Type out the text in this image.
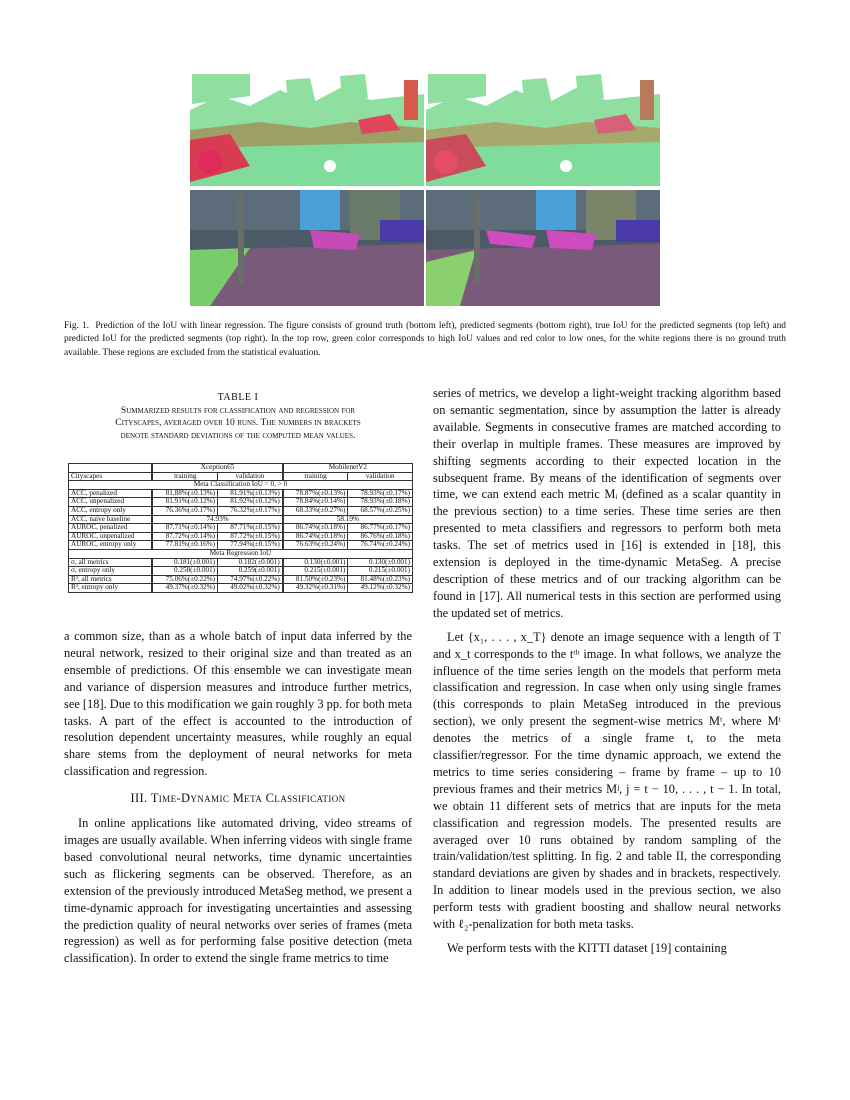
Fig. 1. Prediction of the IoU with linear regression. The figure consists of ground truth (bottom left), predicted segments (bottom right), true IoU for the predicted segments (top left) and predicted IoU for the predicted segments (top right). In the top row, green color corresponds to high IoU values and red color to low ones, for the white regions there is no ground truth available. These regions are excluded from the statistical evaluation.
TABLE I
Summarized results for classification and regression for
Cityscapes, averaged over 10 runs. The numbers in brackets
denote standard deviations of the computed mean values.
	Xception65		MobilenetV2	
Cityscapes	training	validation	training	validation
Meta Classification IoU = 0, > 0				
ACC, penalized	81.88%(±0.13%)	81.91%(±0.13%)	78.87%(±0.13%)	78.93%(±0.17%)
ACC, unpenalized	81.91%(±0.12%)	81.92%(±0.12%)	78.84%(±0.14%)	78.93%(±0.18%)
ACC, entropy only	76.36%(±0.17%)	76.32%(±0.17%)	68.33%(±0.27%)	68.57%(±0.25%)
ACC, naive baseline	74.93%		58.19%	
AUROC, penalized	87.71%(±0.14%)	87.71%(±0.15%)	86.74%(±0.18%)	86.77%(±0.17%)
AUROC, unpenalized	87.72%(±0.14%)	87.72%(±0.15%)	86.74%(±0.18%)	86.76%(±0.18%)
AUROC, entropy only	77.81%(±0.16%)	77.94%(±0.15%)	76.63%(±0.24%)	76.74%(±0.24%)
Meta Regression IoU				
σ, all metrics	0.181(±0.001)	0.182(±0.001)	0.130(±0.001)	0.130(±0.001)
σ, entropy only	0.258(±0.001)	0.259(±0.001)	0.215(±0.001)	0.215(±0.001)
R², all metrics	75.06%(±0.22%)	74.97%(±0.22%)	81.50%(±0.23%)	81.48%(±0.23%)
R², entropy only	49.37%(±0.32%)	49.02%(±0.32%)	49.32%(±0.31%)	49.12%(±0.32%)

a common size, than as a whole batch of input data inferred by the neural network, resized to their original size and than treated as an ensemble of predictions. Of this ensemble we can investigate mean and variance of dispersion measures and introduce further metrics, see [18]. Due to this modification we gain roughly 3 pp. for both meta tasks. A part of the effect is accounted to the introduction of resolution dependent uncertainty measures, while roughly an equal share stems from the deployment of neural networks for meta classification and regression.

III. Time-Dynamic Meta Classification

In online applications like automated driving, video streams of images are usually available. When inferring videos with single frame based convolutional neural networks, time dynamic uncertainties such as flickering segments can be observed. Therefore, as an extension of the previously introduced MetaSeg method, we present a time-dynamic approach for investigating uncertainties and assessing the prediction quality of neural networks over series of frames (meta regression) as well as for performing false positive detection (meta classification). In order to extend the single frame metrics to time

series of metrics, we develop a light-weight tracking algorithm based on semantic segmentation, since by assumption the latter is already available. Segments in consecutive frames are matched according to their overlap in multiple frames. These measures are improved by shifting segments according to their expected location in the subsequent frame. By means of the identification of segments over time, we can extend each metric Mᵢ (defined as a scalar quantity in the previous section) to a time series. These time series are then presented to meta classifiers and regressors to perform both meta tasks. The set of metrics used in [16] is extended in [18], this extension is deployed in the time-dynamic MetaSeg. A precise description of these metrics and of our tracking algorithm can be found in [17]. All numerical tests in this section are performed using the updated set of metrics.

Let {x₁, . . . , x_T} denote an image sequence with a length of T and x_t corresponds to the tᵗʰ image. In what follows, we analyze the influence of the time series length on the models that perform meta classification and regression. In case when only using single frames (this corresponds to plain MetaSeg introduced in the previous section), we only present the segment-wise metrics Mᵗ, where Mᵗ denotes the metrics of a single frame t, to the meta classifier/regressor. For the time dynamic approach, we extend the metrics to time series considering – frame by frame – up to 10 previous frames and their metrics Mʲ, j = t − 10, . . . , t − 1. In total, we obtain 11 different sets of metrics that are inputs for the meta classification and regression models. The presented results are averaged over 10 runs obtained by random sampling of the train/validation/test splitting. In fig. 2 and table II, the corresponding standard deviations are given by shades and in brackets, respectively. In addition to linear models used in the previous section, we also perform tests with gradient boosting and shallow neural networks with ℓ₂-penalization for both meta tasks.

We perform tests with the KITTI dataset [19] containing
